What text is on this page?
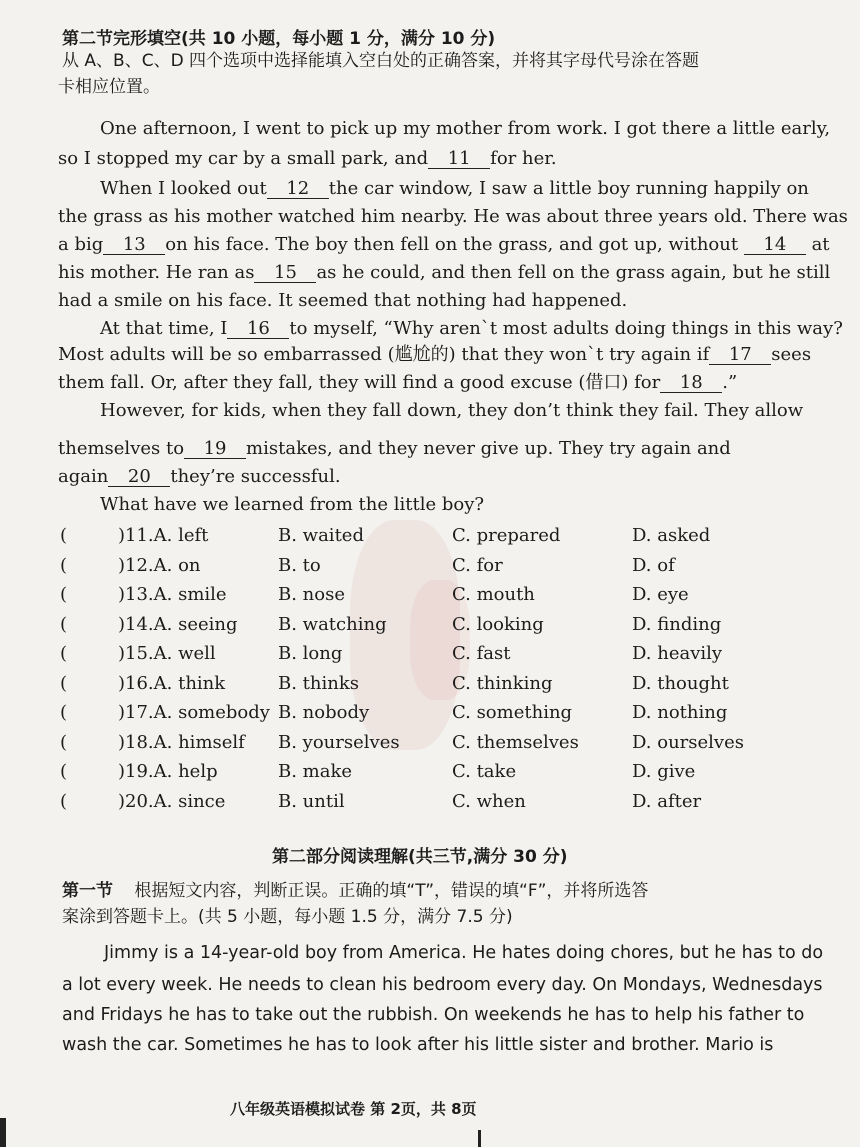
第二节完形填空(共 10 小题，每小题 1 分，满分 10 分)
从 A、B、C、D 四个选项中选择能填入空白处的正确答案，并将其字母代号涂在答题
卡相应位置。
One afternoon, I went to pick up my mother from work. I got there a little early,
so I stopped my car by a small park, and 11 for her.
When I looked out 12 the car window, I saw a little boy running happily on
the grass as his mother watched him nearby. He was about three years old. There was
a big 13 on his face. The boy then fell on the grass, and got up, without 14 at
his mother. He ran as 15 as he could, and then fell on the grass again, but he still
had a smile on his face. It seemed that nothing had happened.
At that time, I 16 to myself, “Why aren`t most adults doing things in this way?
Most adults will be so embarrassed (尴尬的) that they won`t try again if 17 sees
them fall. Or, after they fall, they will find a good excuse (借口) for 18 .”
However, for kids, when they fall down, they don’t think they fail. They allow
themselves to 19 mistakes, and they never give up. They try again and
again 20 they’re successful.
What have we learned from the little boy?
(	)11.A. left	B. waited	C. prepared	D. asked
(	)12.A. on	B. to	C. for	D. of
(	)13.A. smile	B. nose	C. mouth	D. eye
(	)14.A. seeing B. watching	C. looking	D. finding
(	)15.A. well	B. long	C. fast	D. heavily
(	)16.A. think	B. thinks	C. thinking	D. thought
(	)17.A. somebody B. nobody	C. something	D. nothing
(	)18.A. himself B. yourselves	C. themselves	D. ourselves
(	)19.A. help	B. make	C. take	D. give
(	)20.A. since	B. until	C. when	D. after
第二部分阅读理解(共三节,满分 30 分)
第一节 根据短文内容，判断正误。正确的填“T”，错误的填“F”，并将所选答
案涂到答题卡上。(共 5 小题，每小题 1.5 分，满分 7.5 分)
Jimmy is a 14-year-old boy from America. He hates doing chores, but he has to do
a lot every week. He needs to clean his bedroom every day. On Mondays, Wednesdays
and Fridays he has to take out the rubbish. On weekends he has to help his father to
wash the car. Sometimes he has to look after his little sister and brother. Mario is
八年级英语模拟试卷 第 2页，共 8页
